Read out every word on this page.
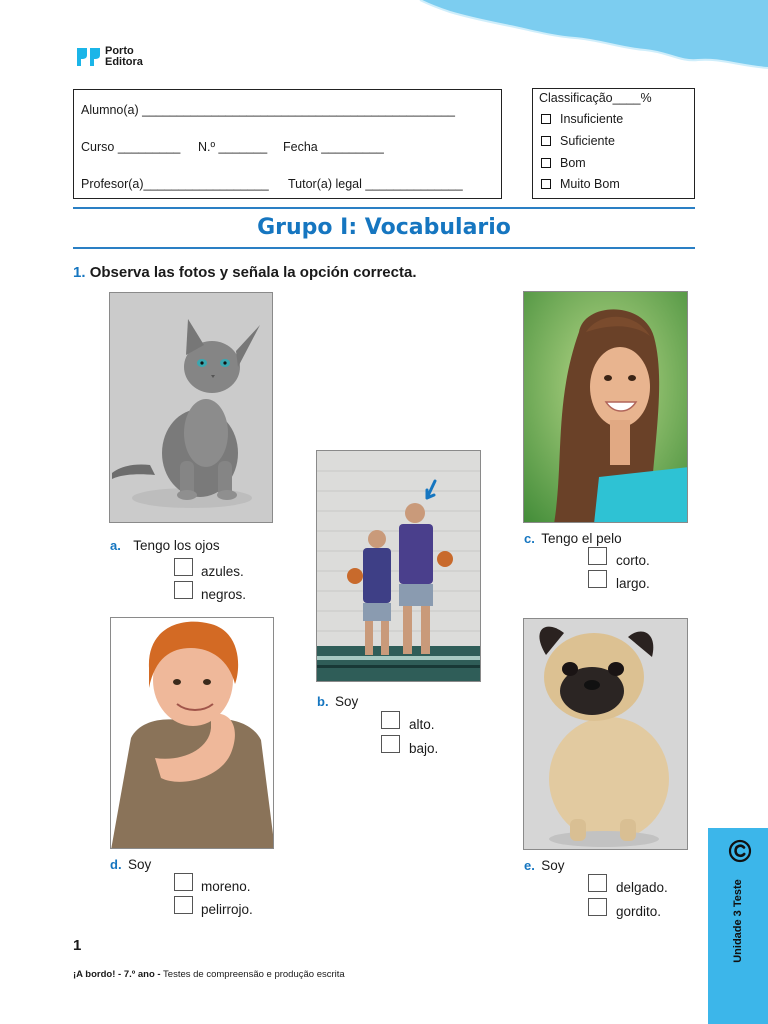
Porto
Editora
Alumno(a) _____________________________________________
Curso _________ N.º _______ Fecha _________
Profesor(a)__________________ Tutor(a) legal ______________
Classificação____%
Insuficiente
Suficiente
Bom
Muito Bom
Grupo I: Vocabulario
1. Observa las fotos y señala la opción correcta.
a. Tengo los ojos
azules.
negros.
b. Soy
alto.
bajo.
c. Tengo el pelo
corto.
largo.
d. Soy
moreno.
pelirrojo.
e. Soy
delgado.
gordito.
1
¡A bordo! - 7.º ano - Testes de compreensão e produção escrita
Unidade 3 Teste
